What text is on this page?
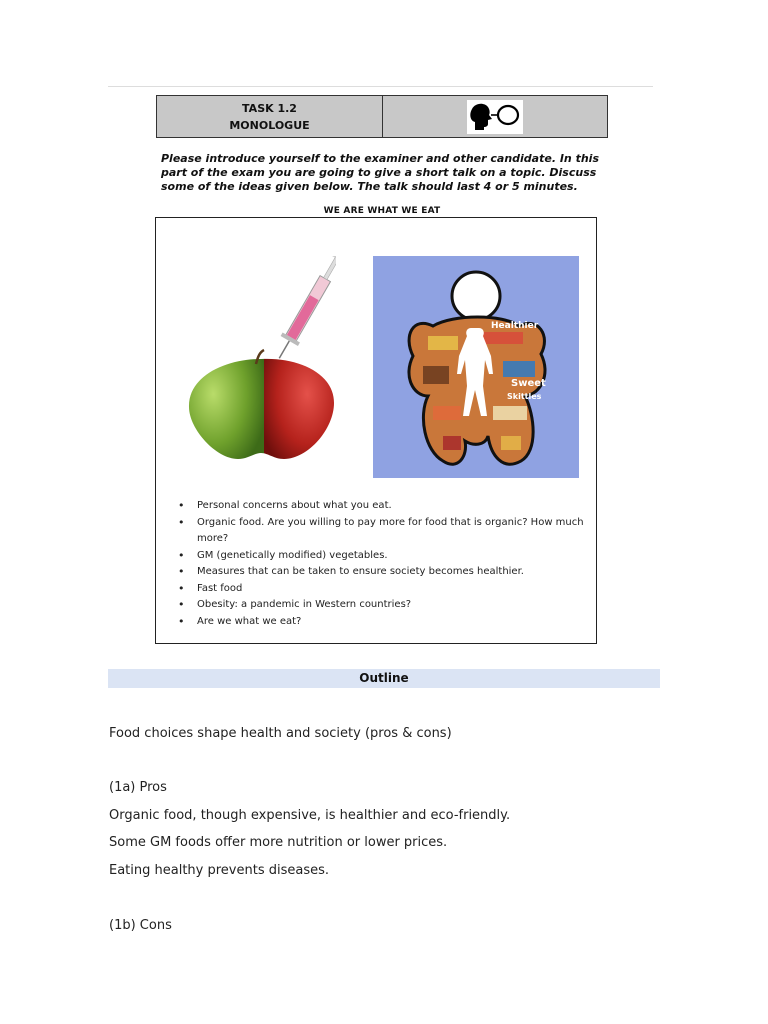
TASK 1.2
MONOLOGUE
Please introduce yourself to the examiner and other candidate. In this part of the exam you are going to give a short talk on a topic. Discuss some of the ideas given below. The talk should last 4 or 5 minutes.
WE ARE WHAT WE EAT
Healthier
Sweet
Skittles
• Personal concerns about what you eat.
• Organic food. Are you willing to pay more for food that is organic? How much more?
• GM (genetically modified) vegetables.
• Measures that can be taken to ensure society becomes healthier.
• Fast food
• Obesity: a pandemic in Western countries?
• Are we what we eat?
Outline
Food choices shape health and society (pros & cons)
(1a) Pros
Organic food, though expensive, is healthier and eco-friendly.
Some GM foods offer more nutrition or lower prices.
Eating healthy prevents diseases.
(1b) Cons
